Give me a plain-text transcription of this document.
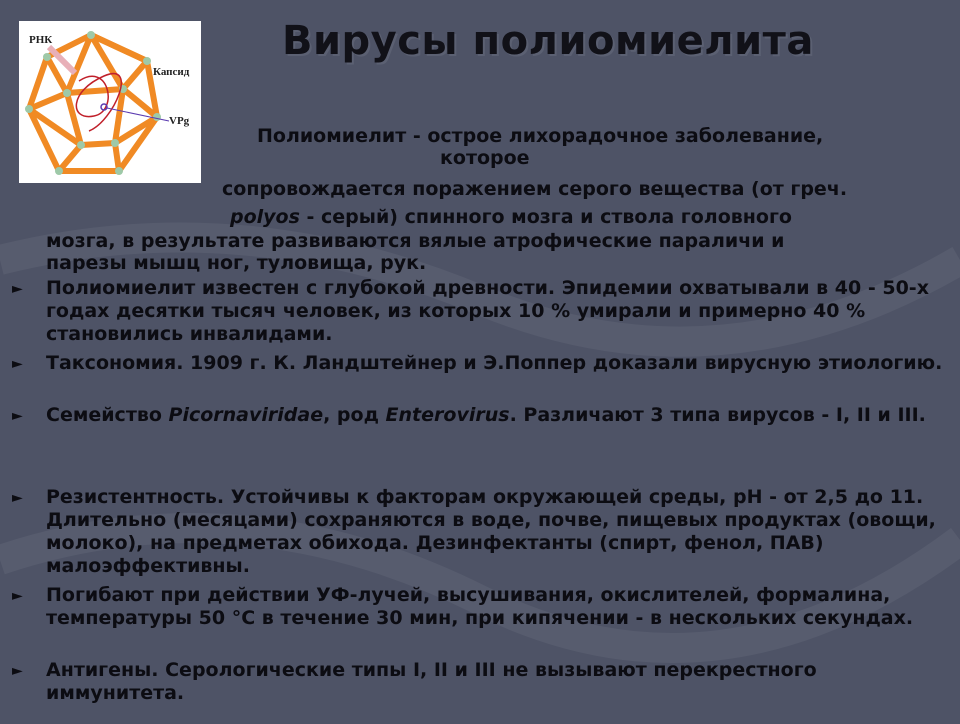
РНК
Капсид
VPg
Вирусы полиомиелита

Полиомиелит - острое лихорадочное заболевание,

которое

сопровождается поражением серого вещества (от греч.

polyos - серый) спинного мозга и ствола головного

мозга, в результате развиваются вялые атрофические параличи и

парезы мышц ног, туловища, рук.

► Полиомиелит известен с глубокой древности. Эпидемии охватывали в 40 - 50-х годах десятки тысяч человек, из которых 10 % умирали и примерно 40 % становились инвалидами.
► Таксономия. 1909 г. К. Ландштейнер и Э.Поппер доказали вирусную этиологию.
► Семейство Picornaviridae, род Enterovirus. Различают 3 типа вирусов - I, II и III.
► Резистентность. Устойчивы к факторам окружающей среды, рН - от 2,5 до 11. Длительно (месяцами) сохраняются в воде, почве, пищевых продуктах (овощи, молоко), на предметах обихода. Дезинфектанты (спирт, фенол, ПАВ) малоэффективны.
► Погибают при действии УФ-лучей, высушивания, окислителей, формалина, температуры 50 °С в течение 30 мин, при кипячении - в нескольких секундах.
► Антигены. Серологические типы I, II и III не вызывают перекрестного иммунитета.
